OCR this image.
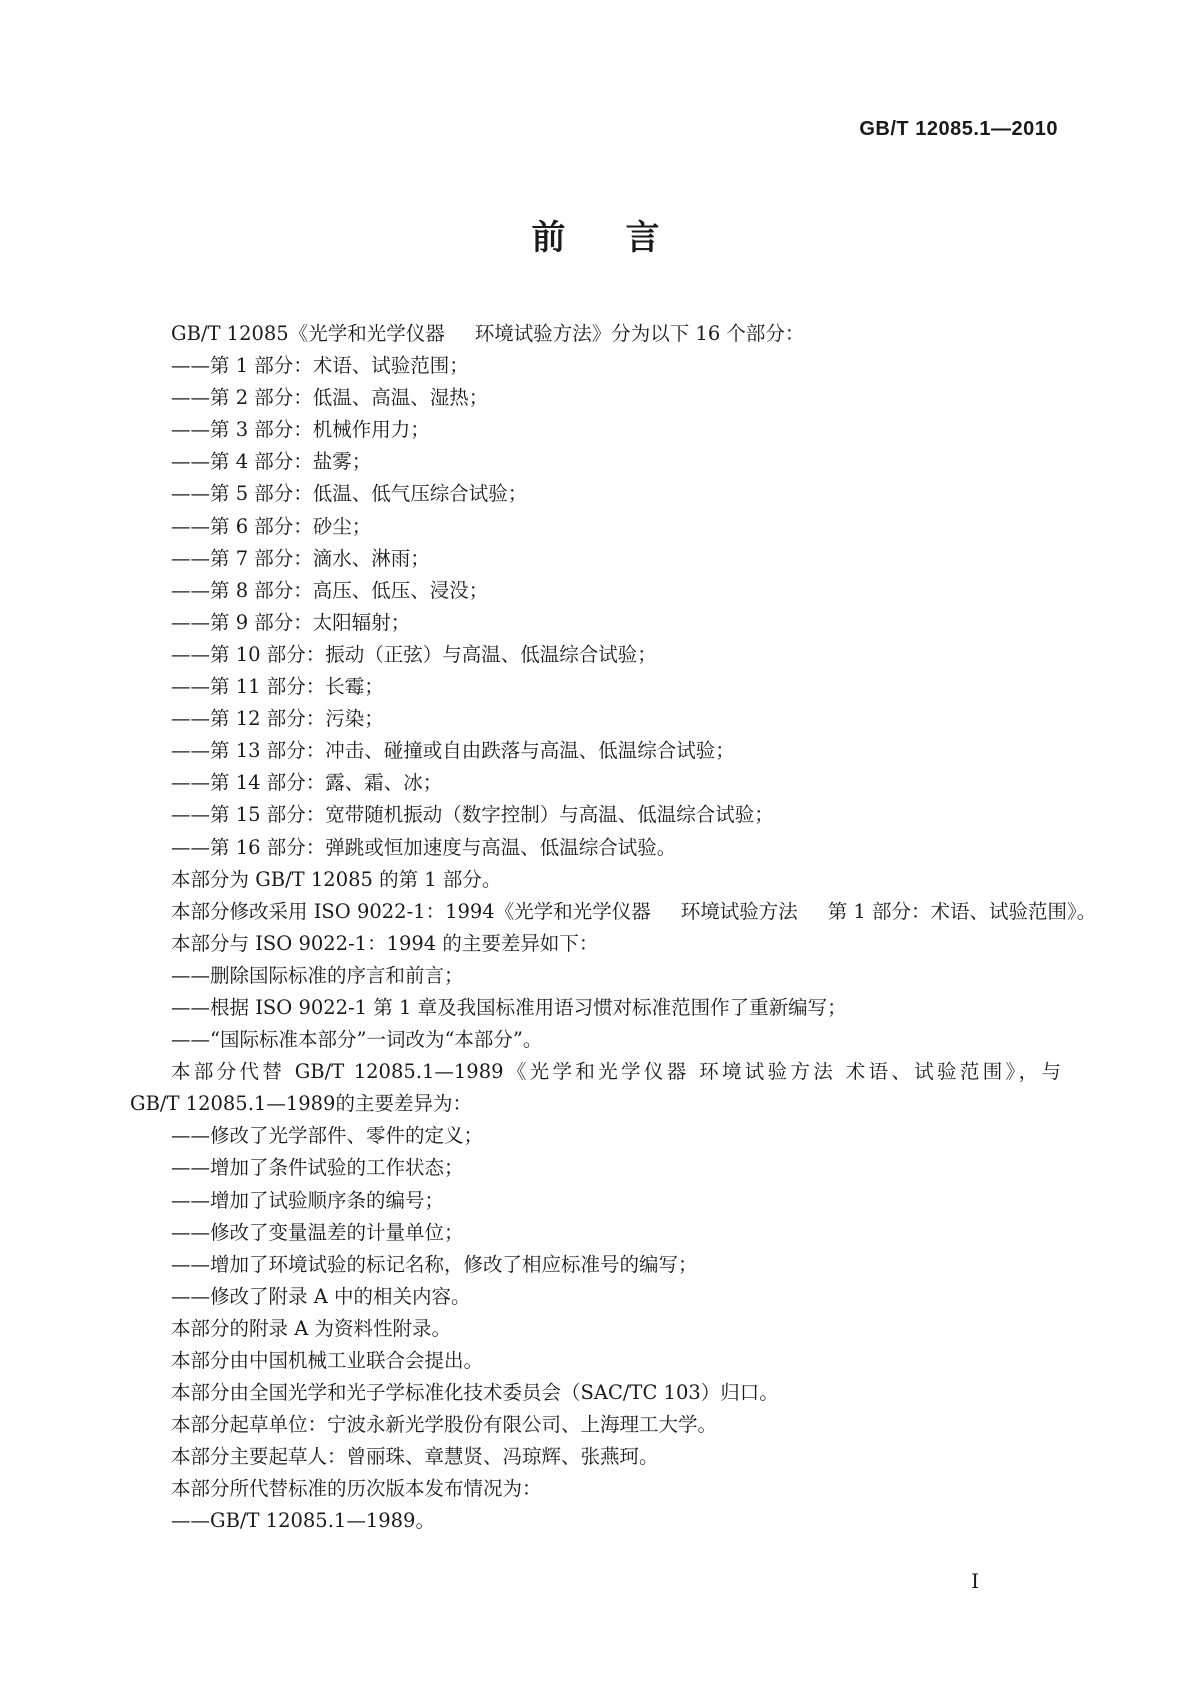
GB/T 12085.1—2010
前言
GB/T 12085《光学和光学仪器 环境试验方法》分为以下 16 个部分：
——第 1 部分：术语、试验范围；
——第 2 部分：低温、高温、湿热；
——第 3 部分：机械作用力；
——第 4 部分：盐雾；
——第 5 部分：低温、低气压综合试验；
——第 6 部分：砂尘；
——第 7 部分：滴水、淋雨；
——第 8 部分：高压、低压、浸没；
——第 9 部分：太阳辐射；
——第 10 部分：振动（正弦）与高温、低温综合试验；
——第 11 部分：长霉；
——第 12 部分：污染；
——第 13 部分：冲击、碰撞或自由跌落与高温、低温综合试验；
——第 14 部分：露、霜、冰；
——第 15 部分：宽带随机振动（数字控制）与高温、低温综合试验；
——第 16 部分：弹跳或恒加速度与高温、低温综合试验。
本部分为 GB/T 12085 的第 1 部分。
本部分修改采用 ISO 9022-1：1994《光学和光学仪器 环境试验方法 第 1 部分：术语、试验范围》。
本部分与 ISO 9022-1：1994 的主要差异如下：
——删除国际标准的序言和前言；
——根据 ISO 9022-1 第 1 章及我国标准用语习惯对标准范围作了重新编写；
——“国际标准本部分”一词改为“本部分”。
本部分代替 GB/T 12085.1—1989《光学和光学仪器 环境试验方法 术语、试验范围》，与
GB/T 12085.1—1989的主要差异为：
——修改了光学部件、零件的定义；
——增加了条件试验的工作状态；
——增加了试验顺序条的编号；
——修改了变量温差的计量单位；
——增加了环境试验的标记名称，修改了相应标准号的编写；
——修改了附录 A 中的相关内容。
本部分的附录 A 为资料性附录。
本部分由中国机械工业联合会提出。
本部分由全国光学和光子学标准化技术委员会（SAC/TC 103）归口。
本部分起草单位：宁波永新光学股份有限公司、上海理工大学。
本部分主要起草人：曾丽珠、章慧贤、冯琼辉、张燕珂。
本部分所代替标准的历次版本发布情况为：
——GB/T 12085.1—1989。
I
